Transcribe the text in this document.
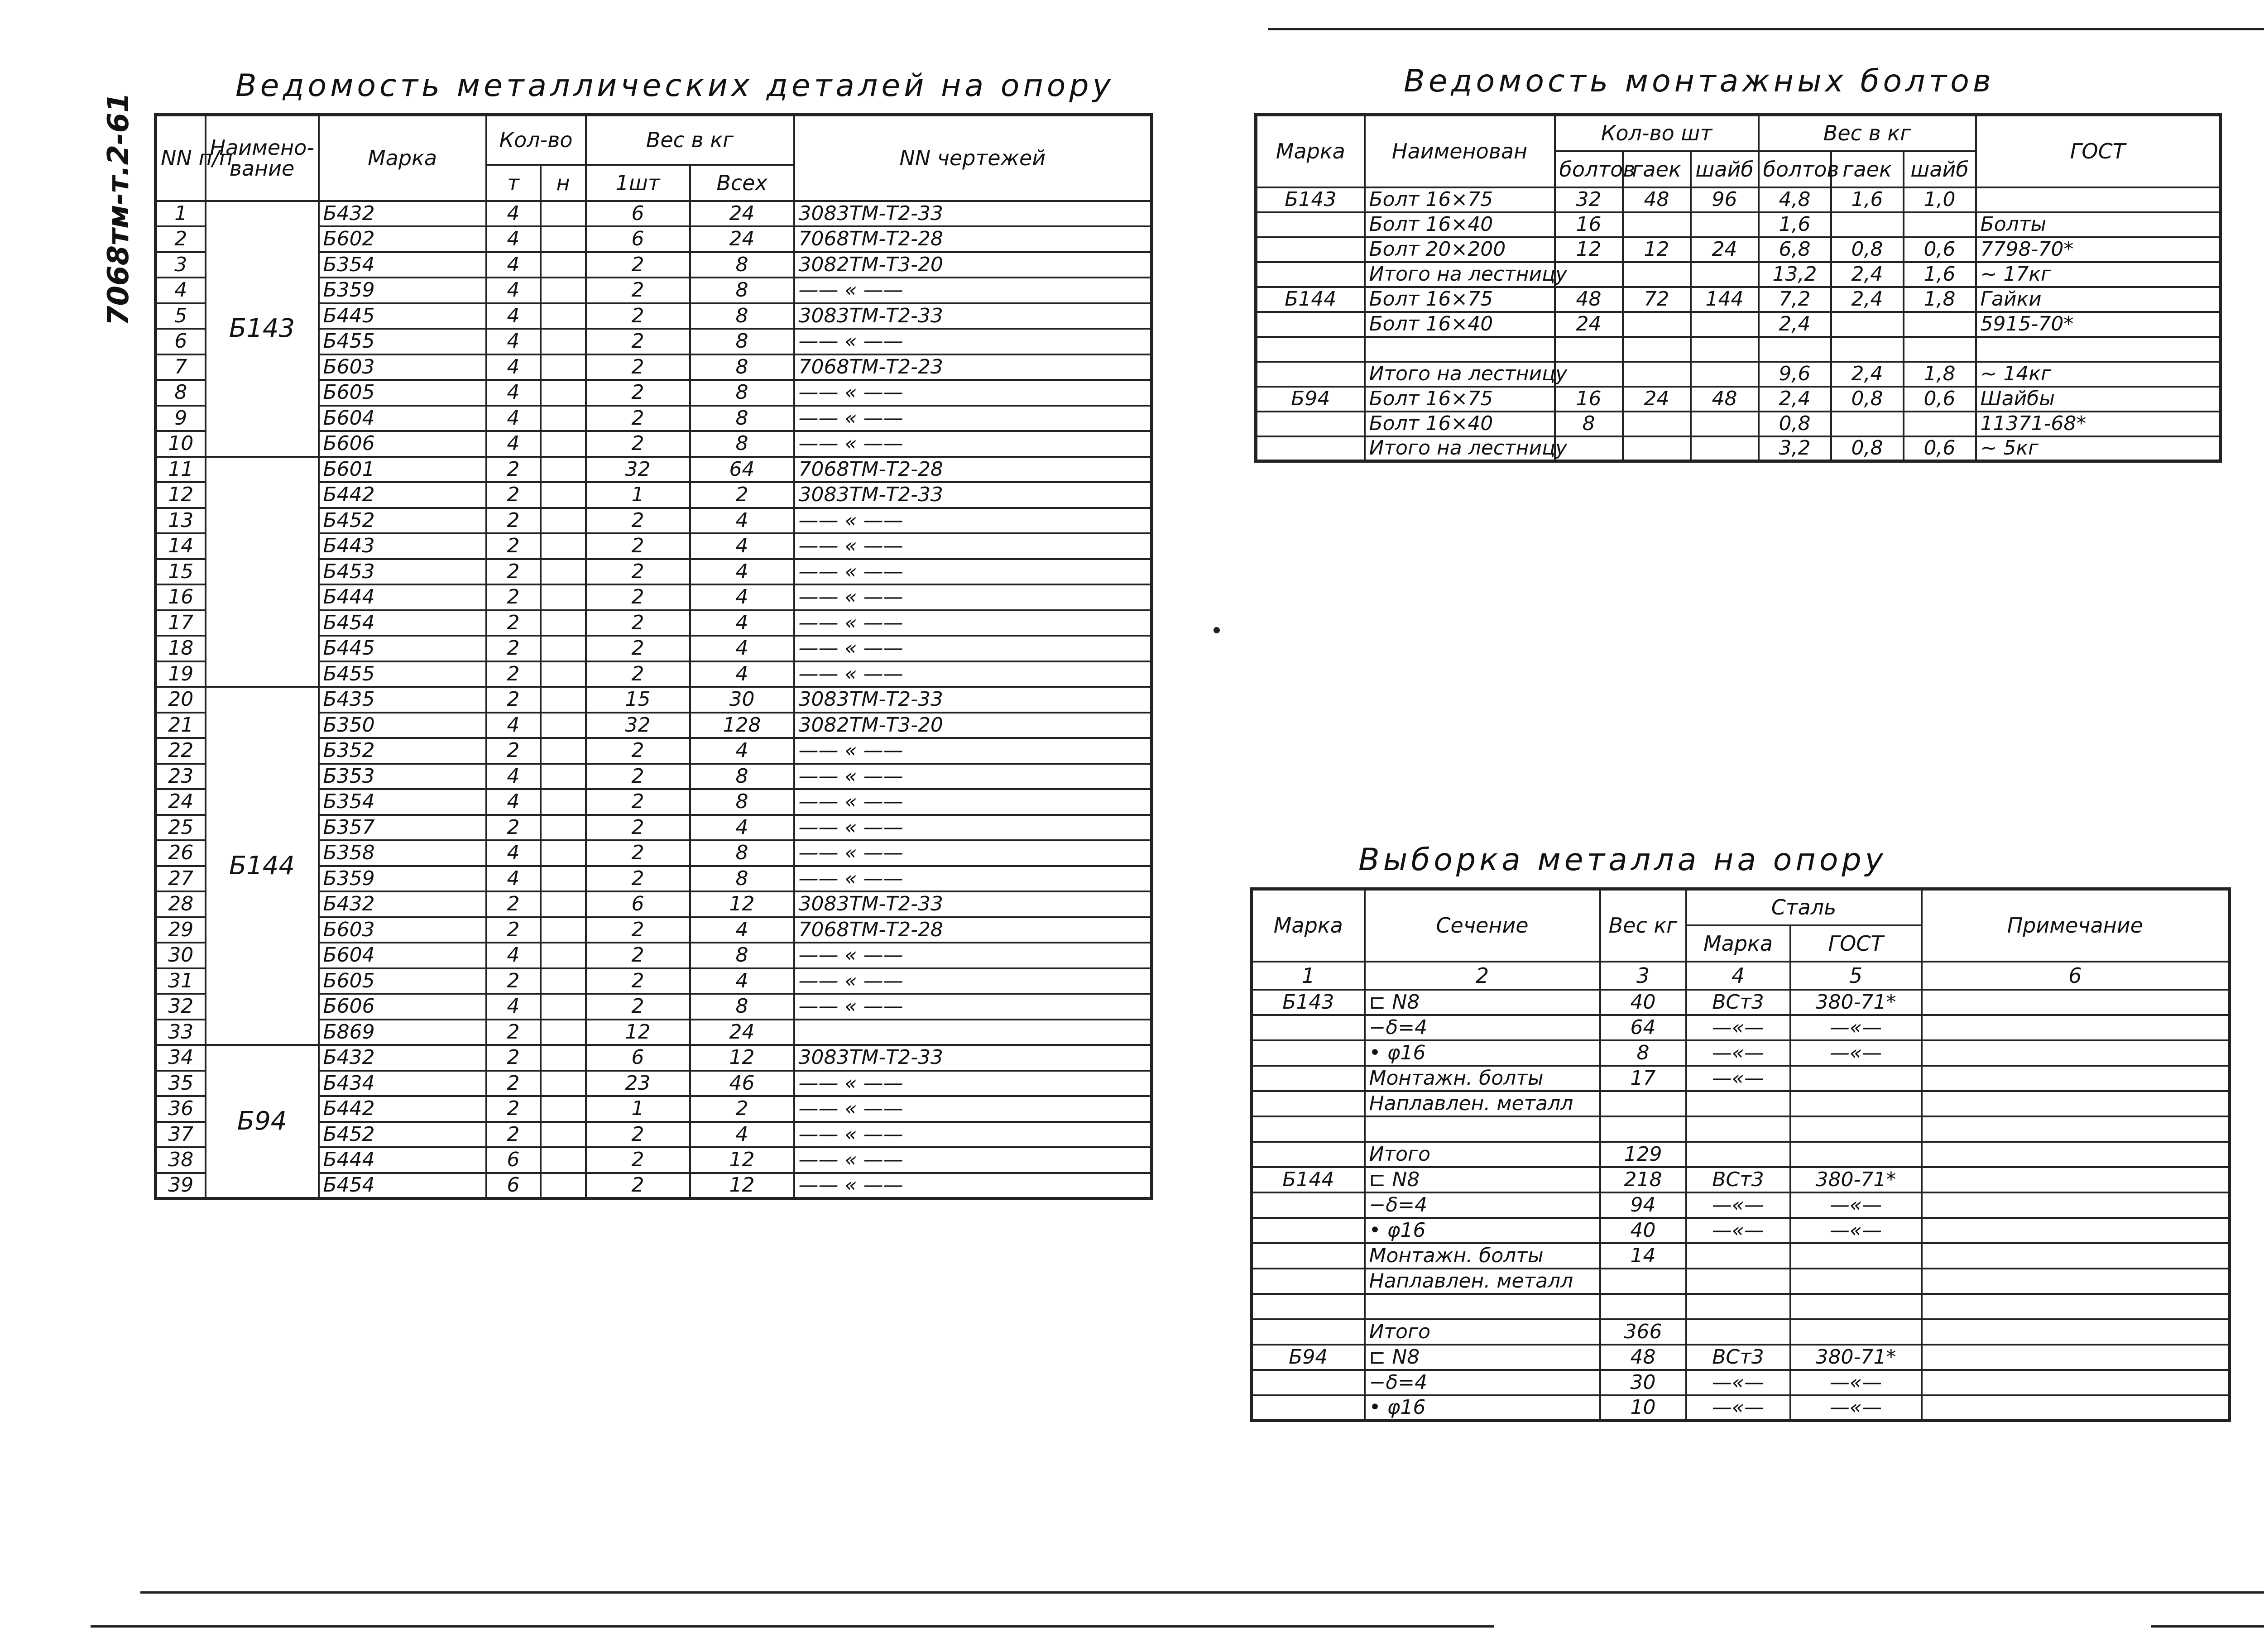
7068тм-т.2-61
Ведомость металлических деталей на опору
NN п/п	Наимено- вание	Марка	Кол-во		Вес в кг		NN чертежей
			т	н	1шт	Всех	
1	Б143	Б432	4		6	24	3083ТМ-Т2-33
2		Б602	4		6	24	7068ТМ-Т2-28
3		Б354	4		2	8	3082ТМ-Т3-20
4		Б359	4		2	8	—— « ——
5		Б445	4		2	8	3083ТМ-Т2-33
6		Б455	4		2	8	—— « ——
7		Б603	4		2	8	7068ТМ-Т2-23
8		Б605	4		2	8	—— « ——
9		Б604	4		2	8	—— « ——
10		Б606	4		2	8	—— « ——
11		Б601	2		32	64	7068ТМ-Т2-28
12		Б442	2		1	2	3083ТМ-Т2-33
13		Б452	2		2	4	—— « ——
14		Б443	2		2	4	—— « ——
15		Б453	2		2	4	—— « ——
16		Б444	2		2	4	—— « ——
17		Б454	2		2	4	—— « ——
18		Б445	2		2	4	—— « ——
19		Б455	2		2	4	—— « ——
20	Б144	Б435	2		15	30	3083ТМ-Т2-33
21		Б350	4		32	128	3082ТМ-Т3-20
22		Б352	2		2	4	—— « ——
23		Б353	4		2	8	—— « ——
24		Б354	4		2	8	—— « ——
25		Б357	2		2	4	—— « ——
26		Б358	4		2	8	—— « ——
27		Б359	4		2	8	—— « ——
28		Б432	2		6	12	3083ТМ-Т2-33
29		Б603	2		2	4	7068ТМ-Т2-28
30		Б604	4		2	8	—— « ——
31		Б605	2		2	4	—— « ——
32		Б606	4		2	8	—— « ——
33		Б869	2		12	24	
34	Б94	Б432	2		6	12	3083ТМ-Т2-33
35		Б434	2		23	46	—— « ——
36		Б442	2		1	2	—— « ——
37		Б452	2		2	4	—— « ——
38		Б444	6		2	12	—— « ——
39		Б454	6		2	12	—— « ——
Ведомость монтажных болтов
Марка	Наименован	Кол-во шт			Вес в кг			ГОСТ
		болтов	гаек	шайб	болтов	гаек	шайб	
Б143	Болт 16×75	32	48	96	4,8	1,6	1,0	
	Болт 16×40	16			1,6			Болты
	Болт 20×200	12	12	24	6,8	0,8	0,6	7798-70*
	Итого на лестницу				13,2	2,4	1,6	~ 17кг
Б144	Болт 16×75	48	72	144	7,2	2,4	1,8	Гайки
	Болт 16×40	24			2,4			5915-70*

	Итого на лестницу				9,6	2,4	1,8	~ 14кг
Б94	Болт 16×75	16	24	48	2,4	0,8	0,6	Шайбы
	Болт 16×40	8			0,8			11371-68*
	Итого на лестницу				3,2	0,8	0,6	~ 5кг
Выборка металла на опору
Марка	Сечение	Вес кг	Сталь		Примечание
			Марка	ГОСТ	
1	2	3	4	5	6
Б143	⊏ N8	40	ВСт3	380-71*	
	−δ=4	64	—«—	—«—	
	• φ16	8	—«—	—«—	
	Монтажн. болты	17	—«—		
	Наплавлен. металл				

	Итого	129			
Б144	⊏ N8	218	ВСт3	380-71*	
	−δ=4	94	—«—	—«—	
	• φ16	40	—«—	—«—	
	Монтажн. болты	14			
	Наплавлен. металл				

	Итого	366			
Б94	⊏ N8	48	ВСт3	380-71*	
	−δ=4	30	—«—	—«—	
	• φ16	10	—«—	—«—	
